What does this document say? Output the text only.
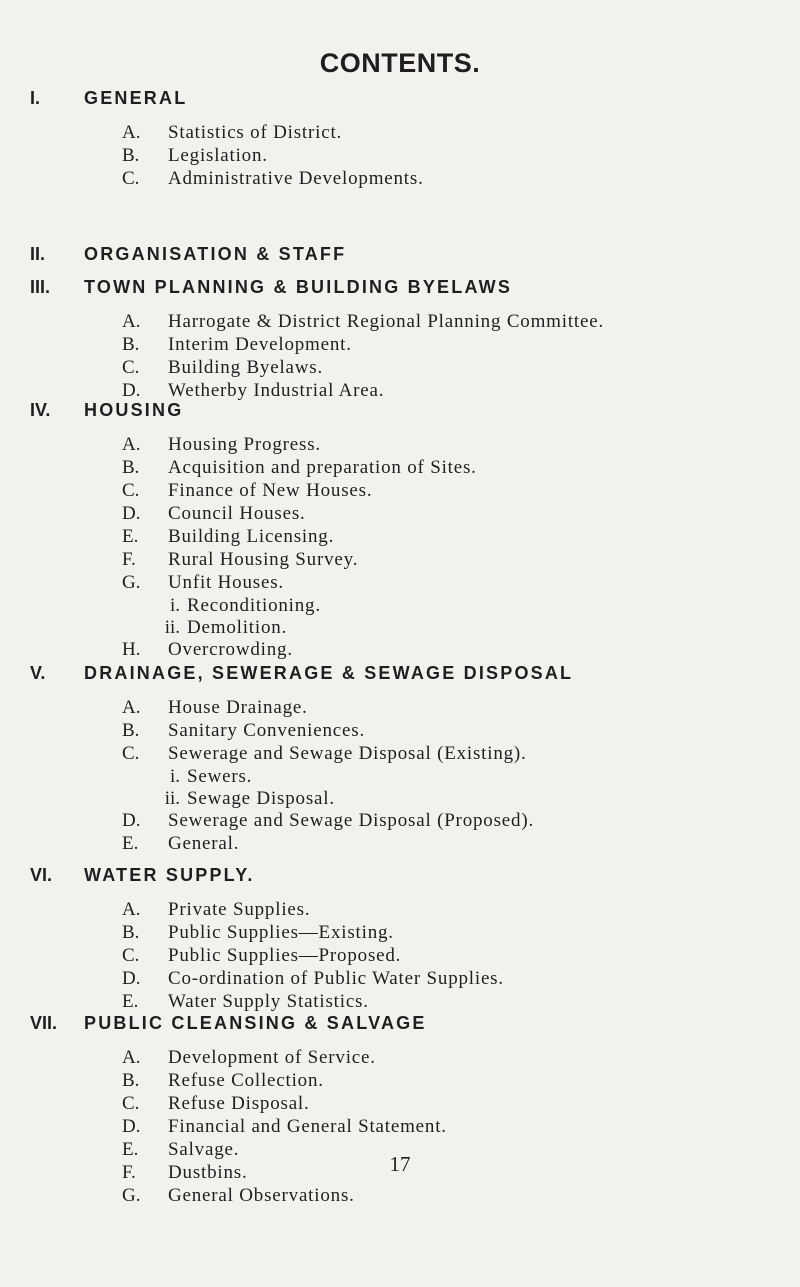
CONTENTS.
I. GENERAL
A. Statistics of District.
B. Legislation.
C. Administrative Developments.
II. ORGANISATION & STAFF
III. TOWN PLANNING & BUILDING BYELAWS
A. Harrogate & District Regional Planning Committee.
B. Interim Development.
C. Building Byelaws.
D. Wetherby Industrial Area.
IV. HOUSING
A. Housing Progress.
B. Acquisition and preparation of Sites.
C. Finance of New Houses.
D. Council Houses.
E. Building Licensing.
F. Rural Housing Survey.
G. Unfit Houses.
i. Reconditioning.
ii. Demolition.
H. Overcrowding.
V. DRAINAGE, SEWERAGE & SEWAGE DISPOSAL
A. House Drainage.
B. Sanitary Conveniences.
C. Sewerage and Sewage Disposal (Existing).
i. Sewers.
ii. Sewage Disposal.
D. Sewerage and Sewage Disposal (Proposed).
E. General.
VI. WATER SUPPLY.
A. Private Supplies.
B. Public Supplies—Existing.
C. Public Supplies—Proposed.
D. Co-ordination of Public Water Supplies.
E. Water Supply Statistics.
VII. PUBLIC CLEANSING & SALVAGE
A. Development of Service.
B. Refuse Collection.
C. Refuse Disposal.
D. Financial and General Statement.
E. Salvage.
F. Dustbins.
G. General Observations.
17
